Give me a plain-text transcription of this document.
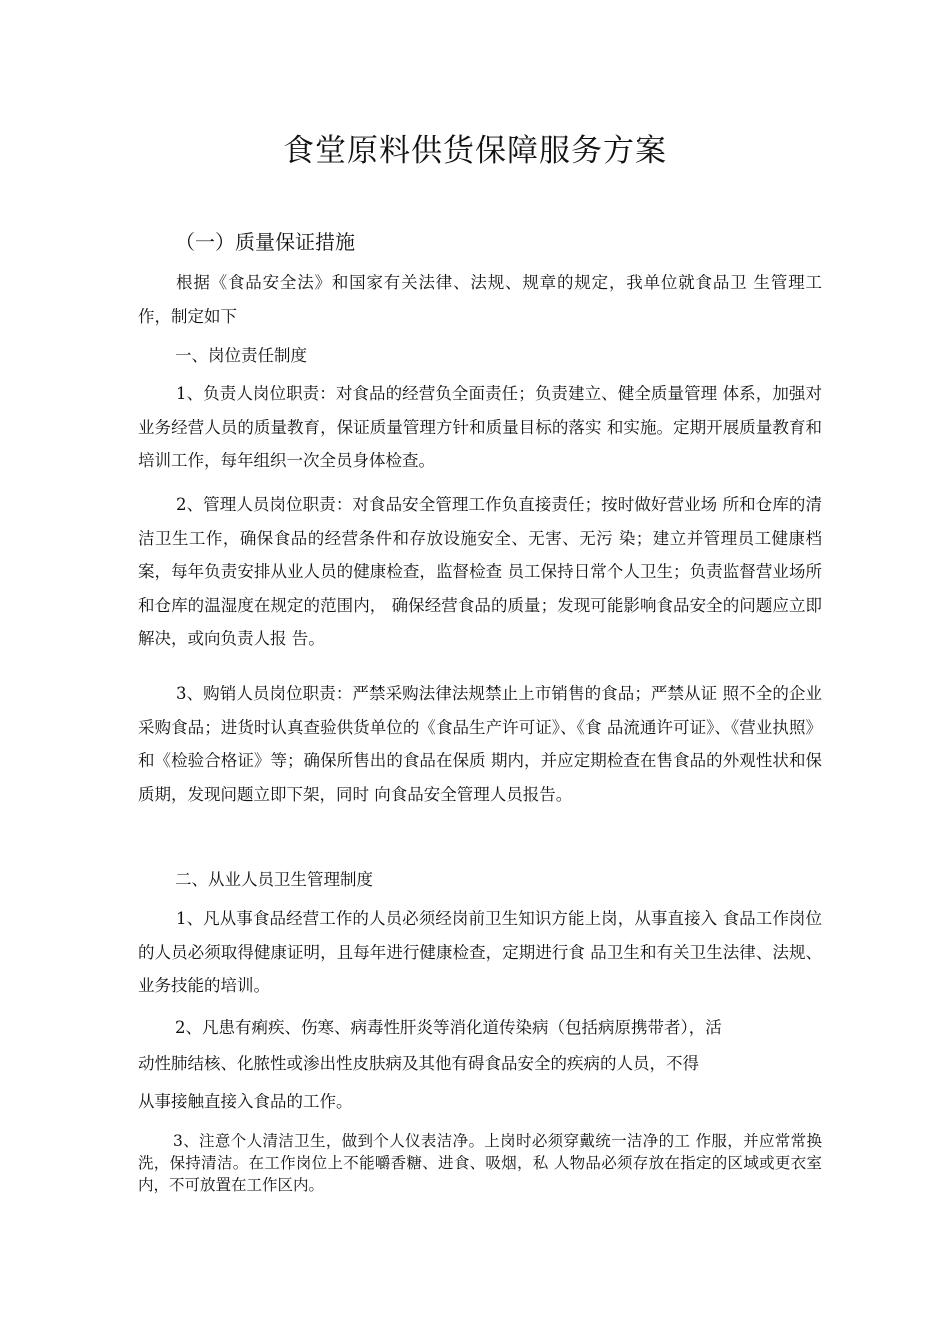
食堂原料供货保障服务方案
（一）质量保证措施

根据《食品安全法》和国家有关法律、法规、规章的规定，我单位就食品卫 生管理工作，制定如下

一、岗位责任制度

1、负责人岗位职责：对食品的经营负全面责任；负责建立、健全质量管理 体系，加强对业务经营人员的质量教育，保证质量管理方针和质量目标的落实 和实施。定期开展质量教育和培训工作，每年组织一次全员身体检查。

2、管理人员岗位职责：对食品安全管理工作负直接责任；按时做好营业场 所和仓库的清洁卫生工作，确保食品的经营条件和存放设施安全、无害、无污 染；建立并管理员工健康档案，每年负责安排从业人员的健康检查，监督检查 员工保持日常个人卫生；负责监督营业场所和仓库的温湿度在规定的范围内， 确保经营食品的质量；发现可能影响食品安全的问题应立即解决，或向负责人报 告。

3、购销人员岗位职责：严禁采购法律法规禁止上市销售的食品；严禁从证 照不全的企业采购食品；进货时认真查验供货单位的《食品生产许可证》、《食 品流通许可证》、《营业执照》和《检验合格证》等；确保所售出的食品在保质 期内，并应定期检查在售食品的外观性状和保质期，发现问题立即下架，同时 向食品安全管理人员报告。

二、从业人员卫生管理制度

1、凡从事食品经营工作的人员必须经岗前卫生知识方能上岗，从事直接入 食品工作岗位的人员必须取得健康证明，且每年进行健康检查，定期进行食 品卫生和有关卫生法律、法规、业务技能的培训。

2、凡患有痢疾、伤寒、病毒性肝炎等消化道传染病（包括病原携带者），活
动性肺结核、化脓性或渗出性皮肤病及其他有碍食品安全的疾病的人员，不得
从事接触直接入食品的工作。

3、注意个人清洁卫生，做到个人仪表洁净。上岗时必须穿戴统一洁净的工 作服，并应常常换洗，保持清洁。在工作岗位上不能嚼香糖、进食、吸烟，私 人物品必须存放在指定的区域或更衣室内，不可放置在工作区内。
